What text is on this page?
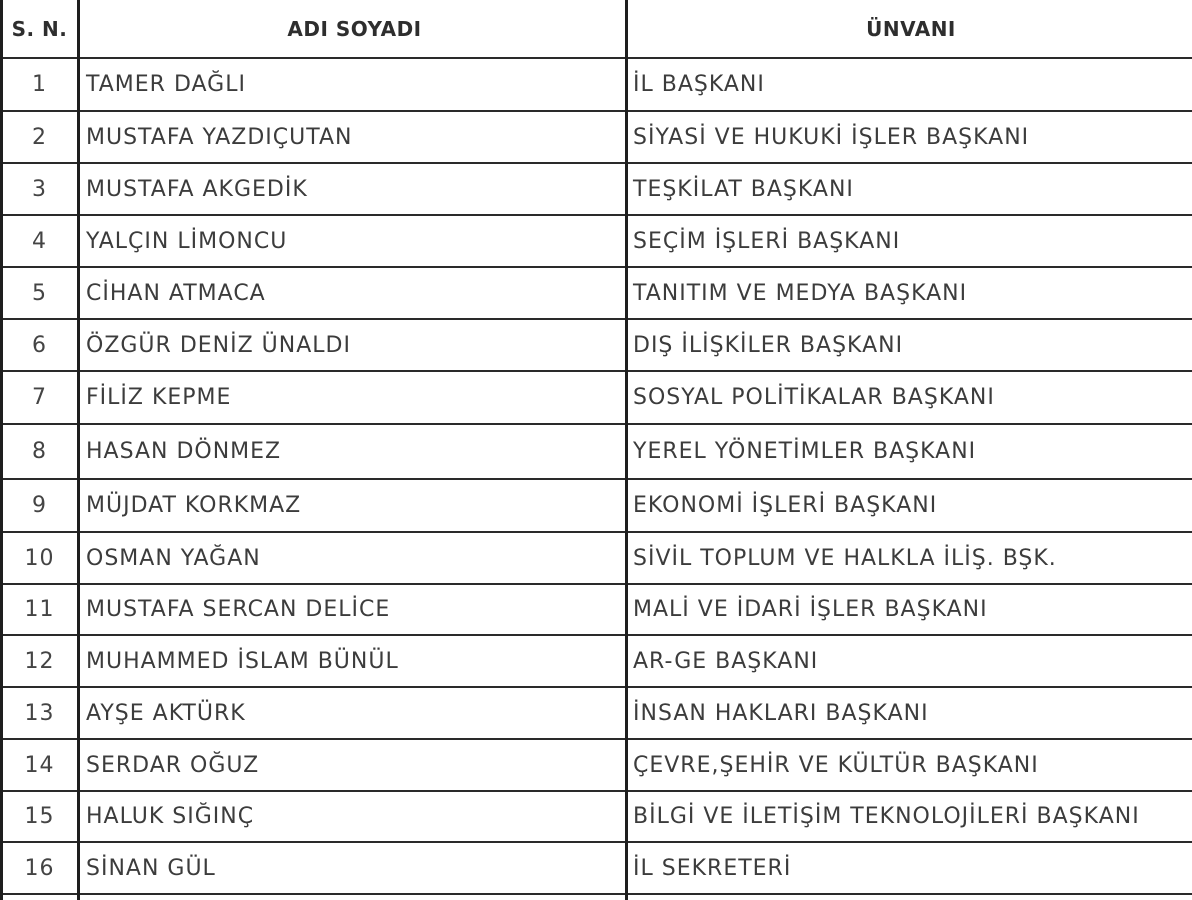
S. N.	ADI SOYADI	ÜNVANI
1	TAMER DAĞLI	İL BAŞKANI
2	MUSTAFA YAZDIÇUTAN	SİYASİ VE HUKUKİ İŞLER BAŞKANI
3	MUSTAFA AKGEDİK	TEŞKİLAT BAŞKANI
4	YALÇIN LİMONCU	SEÇİM İŞLERİ BAŞKANI
5	CİHAN ATMACA	TANITIM VE MEDYA BAŞKANI
6	ÖZGÜR DENİZ ÜNALDI	DIŞ İLİŞKİLER BAŞKANI
7	FİLİZ KEPME	SOSYAL POLİTİKALAR BAŞKANI
8	HASAN DÖNMEZ	YEREL YÖNETİMLER BAŞKANI
9	MÜJDAT KORKMAZ	EKONOMİ İŞLERİ BAŞKANI
10	OSMAN YAĞAN	SİVİL TOPLUM VE HALKLA İLİŞ. BŞK.
11	MUSTAFA SERCAN DELİCE	MALİ VE İDARİ İŞLER BAŞKANI
12	MUHAMMED İSLAM BÜNÜL	AR-GE BAŞKANI
13	AYŞE AKTÜRK	İNSAN HAKLARI BAŞKANI
14	SERDAR OĞUZ	ÇEVRE,ŞEHİR VE KÜLTÜR BAŞKANI
15	HALUK SIĞINÇ	BİLGİ VE İLETİŞİM TEKNOLOJİLERİ BAŞKANI
16	SİNAN GÜL	İL SEKRETERİ
